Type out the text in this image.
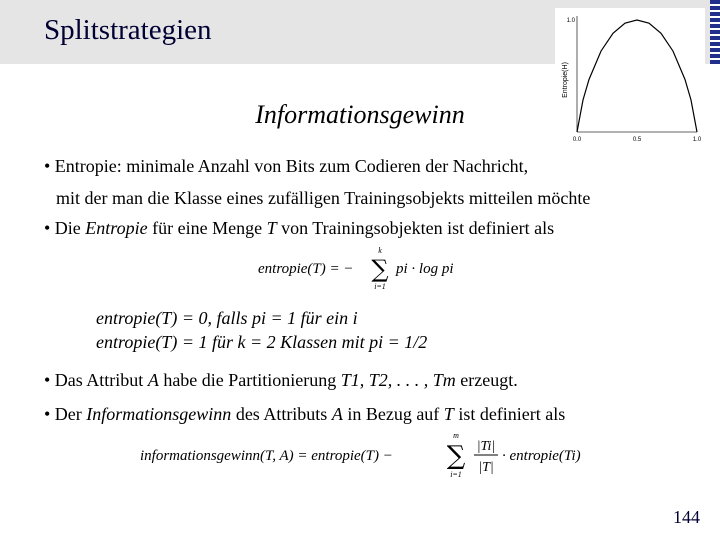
Splitstrategien
Entropie(H)
1.0
0.0	0.5	1.0
Informationsgewinn
• Entropie: minimale Anzahl von Bits zum Codieren der Nachricht,
mit der man die Klasse eines zufälligen Trainingsobjekts mitteilen möchte
• Die Entropie für eine Menge T von Trainingsobjekten ist definiert als
entropie(T) = −
k
∑
i=1
pi · log pi
entropie(T) = 0, falls pi = 1 für ein i
entropie(T) = 1 für k = 2 Klassen mit pi = 1/2
• Das Attribut A habe die Partitionierung T1, T2, . . . , Tm erzeugt.
• Der Informationsgewinn des Attributs A in Bezug auf T ist definiert als
informationsgewinn(T, A) = entropie(T) −
m
∑
i=1
|Ti|
|T|
· entropie(Ti)
144
